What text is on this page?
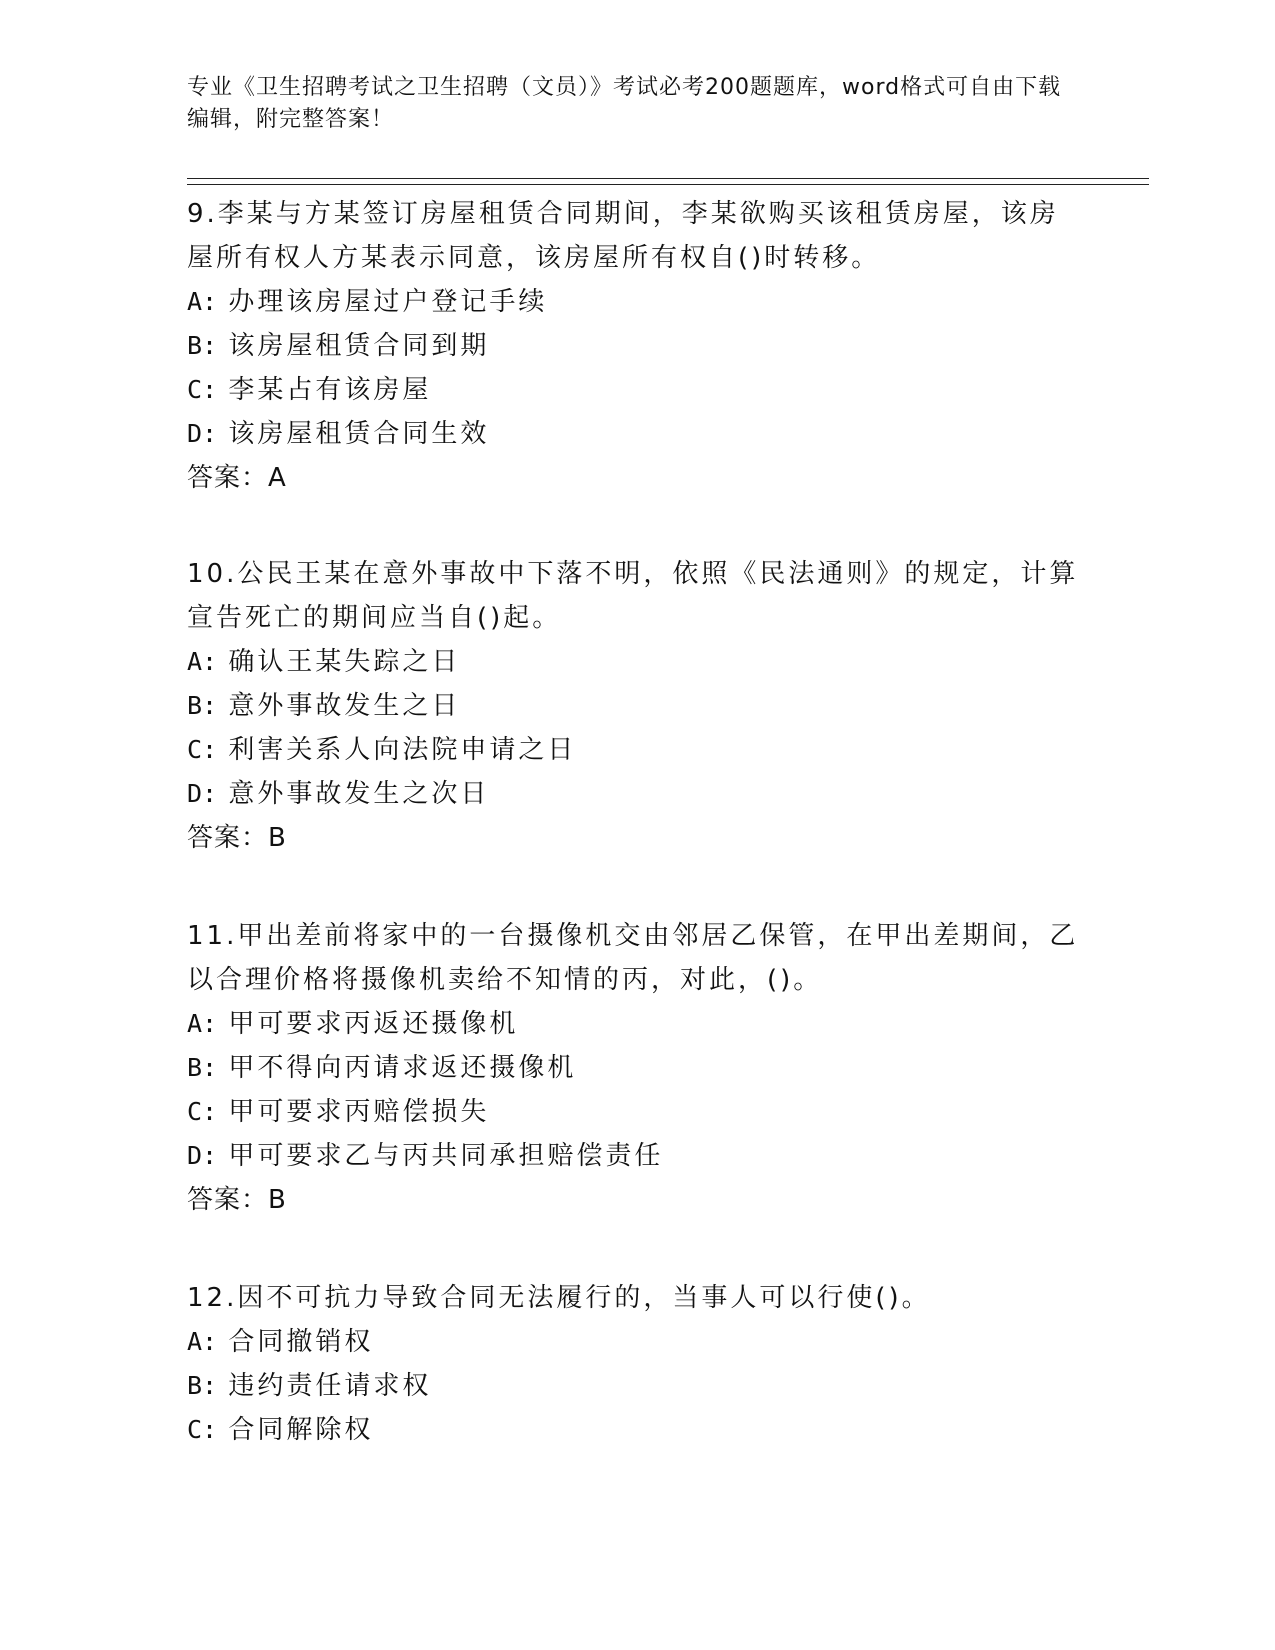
专业《卫生招聘考试之卫生招聘（文员）》考试必考200题题库，word格式可自由下载编辑，附完整答案！

9.李某与方某签订房屋租赁合同期间，李某欲购买该租赁房屋，该房屋所有权人方某表示同意，该房屋所有权自()时转移。

A: 办理该房屋过户登记手续

B: 该房屋租赁合同到期

C: 李某占有该房屋

D: 该房屋租赁合同生效

答案：A

10.公民王某在意外事故中下落不明，依照《民法通则》的规定，计算宣告死亡的期间应当自()起。

A: 确认王某失踪之日

B: 意外事故发生之日

C: 利害关系人向法院申请之日

D: 意外事故发生之次日

答案：B

11.甲出差前将家中的一台摄像机交由邻居乙保管，在甲出差期间，乙以合理价格将摄像机卖给不知情的丙，对此，()。

A: 甲可要求丙返还摄像机

B: 甲不得向丙请求返还摄像机

C: 甲可要求丙赔偿损失

D: 甲可要求乙与丙共同承担赔偿责任

答案：B

12.因不可抗力导致合同无法履行的，当事人可以行使()。

A: 合同撤销权

B: 违约责任请求权

C: 合同解除权
